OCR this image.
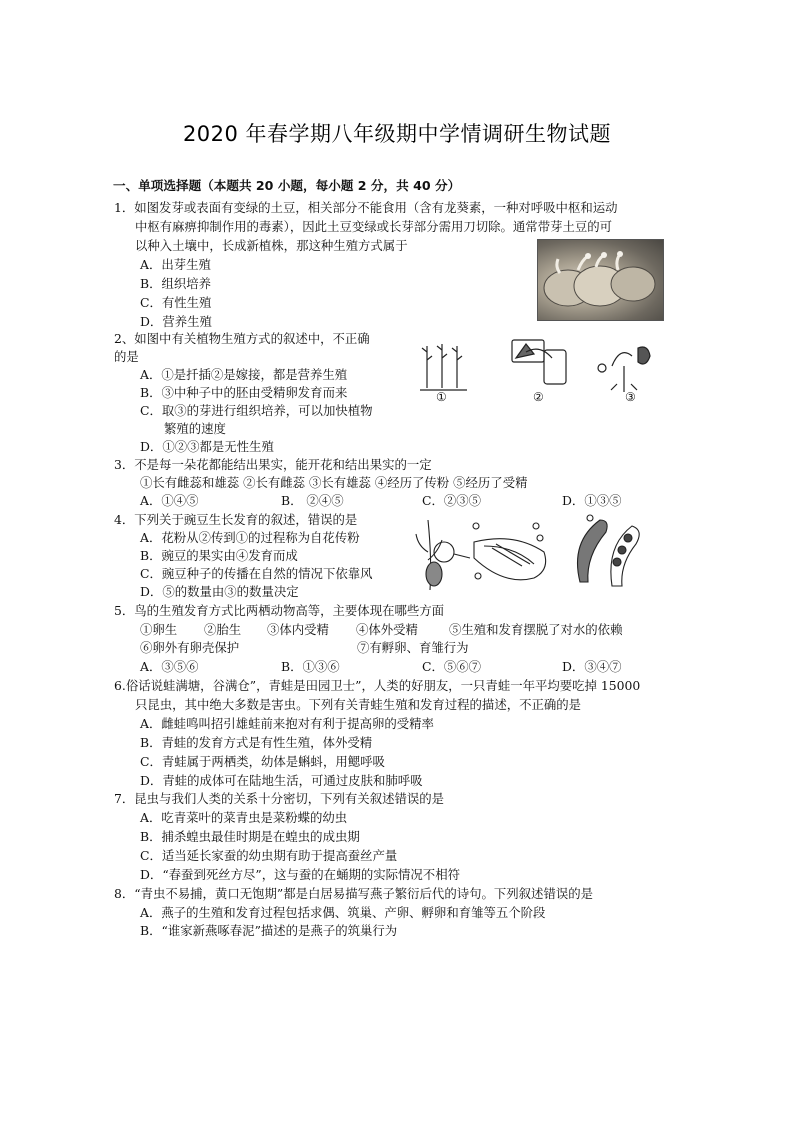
2020 年春学期八年级期中学情调研生物试题
一、单项选择题（本题共 20 小题，每小题 2 分，共 40 分）
1．如图发芽或表面有变绿的土豆，相关部分不能食用（含有龙葵素，一种对呼吸中枢和运动
中枢有麻痹抑制作用的毒素），因此土豆变绿或长芽部分需用刀切除。通常带芽土豆的可
以种入土壤中，长成新植株，那这种生殖方式属于
A．出芽生殖
B．组织培养
C．有性生殖
D．营养生殖
2、如图中有关植物生殖方式的叙述中，不正确
的是
A．①是扦插②是嫁接，都是营养生殖
B．③中种子中的胚由受精卵发育而来
C．取③的芽进行组织培养，可以加快植物
繁殖的速度
D．①②③都是无性生殖
①	②	③
3．不是每一朵花都能结出果实，能开花和结出果实的一定
①长有雌蕊和雄蕊 ②长有雌蕊 ③长有雄蕊 ④经历了传粉 ⑤经历了受精
A．①④⑤	B． ②④⑤	C．②③⑤	D．①③⑤
4．下列关于豌豆生长发育的叙述，错误的是
A．花粉从②传到①的过程称为自花传粉
B．豌豆的果实由④发育而成
C．豌豆种子的传播在自然的情况下依靠风
D．⑤的数量由③的数量决定
5．鸟的生殖发育方式比两栖动物高等，主要体现在哪些方面
①卵生 ②胎生 ③体内受精 ④体外受精	⑤生殖和发育摆脱了对水的依赖
⑥卵外有卵壳保护	⑦有孵卵、育雏行为
A．③⑤⑥	B．①③⑥	C．⑤⑥⑦	D．③④⑦
6.俗话说蛙满塘，谷满仓”，青蛙是田园卫士”，人类的好朋友，一只青蛙一年平均要吃掉 15000
只昆虫，其中绝大多数是害虫。下列有关青蛙生殖和发育过程的描述，不正确的是
A．雌蛙鸣叫招引雄蛙前来抱对有利于提高卵的受精率
B．青蛙的发育方式是有性生殖，体外受精
C．青蛙属于两栖类，幼体是蝌蚪，用鳃呼吸
D．青蛙的成体可在陆地生活，可通过皮肤和肺呼吸
7．昆虫与我们人类的关系十分密切，下列有关叙述错误的是
A．吃青菜叶的菜青虫是菜粉蝶的幼虫
B．捕杀蝗虫最佳时期是在蝗虫的成虫期
C．适当延长家蚕的幼虫期有助于提高蚕丝产量
D．“春蚕到死丝方尽”，这与蚕的在蛹期的实际情况不相符
8．“青虫不易捕，黄口无饱期”都是白居易描写燕子繁衍后代的诗句。下列叙述错误的是
A．燕子的生殖和发育过程包括求偶、筑巢、产卵、孵卵和育雏等五个阶段
B．“谁家新燕啄春泥”描述的是燕子的筑巢行为
